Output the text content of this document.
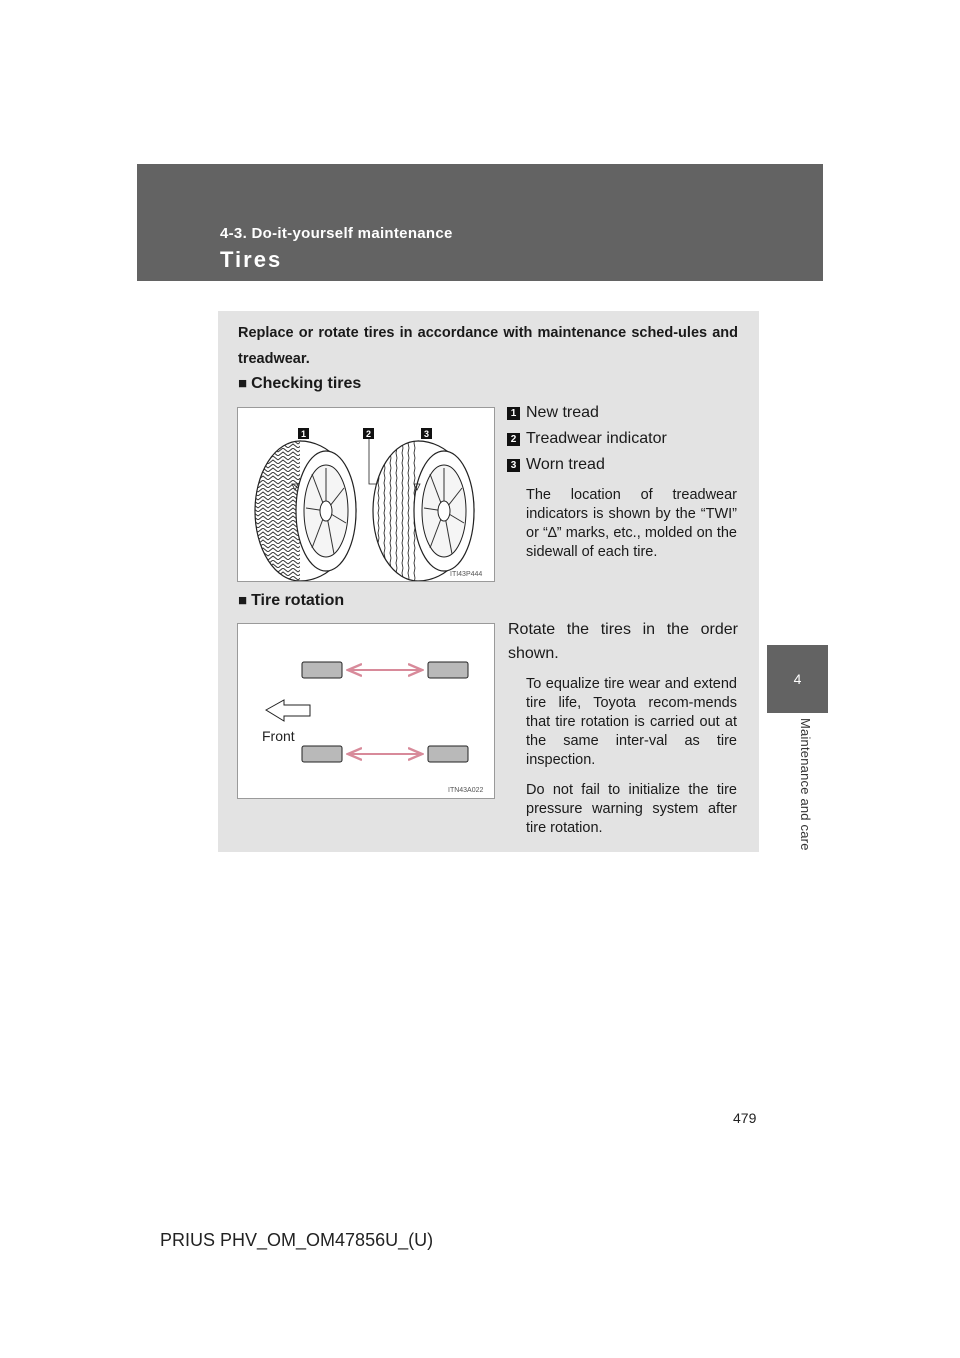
4-3. Do-it-yourself maintenance
Tires
4
Maintenance and care
Replace or rotate tires in accordance with maintenance sched-ules and treadwear.
■ Checking tires
1	2	3
ITI43P444
1 New tread
2 Treadwear indicator
3 Worn tread
The location of treadwear indicators is shown by the “TWI” or “∆” marks, etc., molded on the sidewall of each tire.
■ Tire rotation
Front
ITN43A022
Rotate the tires in the order shown.
To equalize tire wear and extend tire life, Toyota recom-mends that tire rotation is carried out at the same inter-val as tire inspection.
Do not fail to initialize the tire pressure warning system after tire rotation.
479
PRIUS PHV_OM_OM47856U_(U)
